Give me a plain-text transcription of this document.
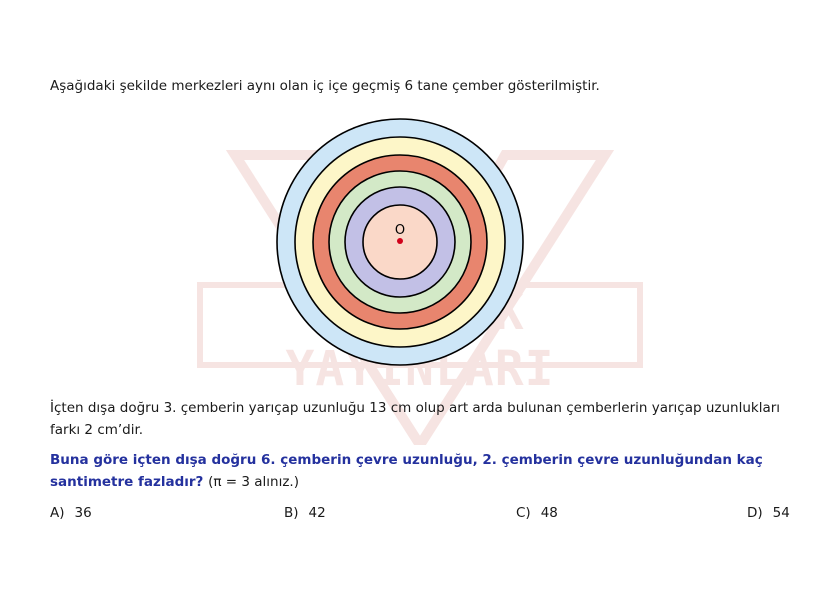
YAYINLARI
Aşağıdaki şekilde merkezleri aynı olan iç içe geçmiş 6 tane çember gösterilmiştir.
O
İçten dışa doğru 3. çemberin yarıçap uzunluğu 13 cm olup art arda bulunan çemberlerin yarıçap uzunlukları farkı 2 cm’dir.
Buna göre içten dışa doğru 6. çemberin çevre uzunluğu, 2. çemberin çevre uzunluğundan kaç santimetre fazladır? (π = 3 alınız.)
A) 36	B) 42	C) 48	D) 54
